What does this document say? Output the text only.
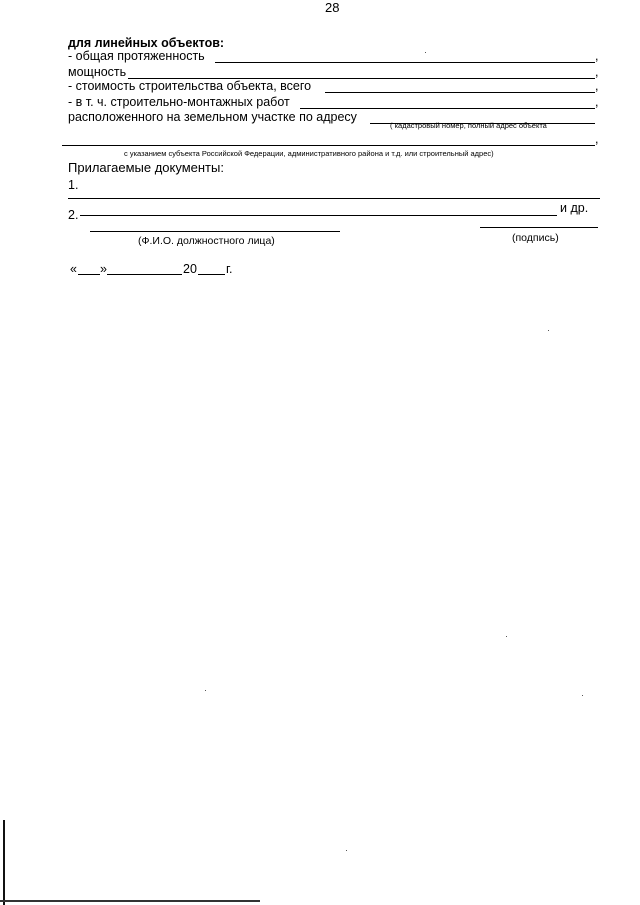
28
для линейных объектов:
- общая протяженность	,
мощность	,
- стоимость строительства объекта, всего	,
- в т. ч. строительно-монтажных работ	,
расположенного на земельном участке по адресу
( кадастровый номер, полный адрес объекта
,
с указанием субъекта Российской Федерации, административного района и т.д. или строительный адрес)
Прилагаемые документы:
1.
2.	и др.
(Ф.И.О. должностного лица)	(подпись)
« »	20 г.
